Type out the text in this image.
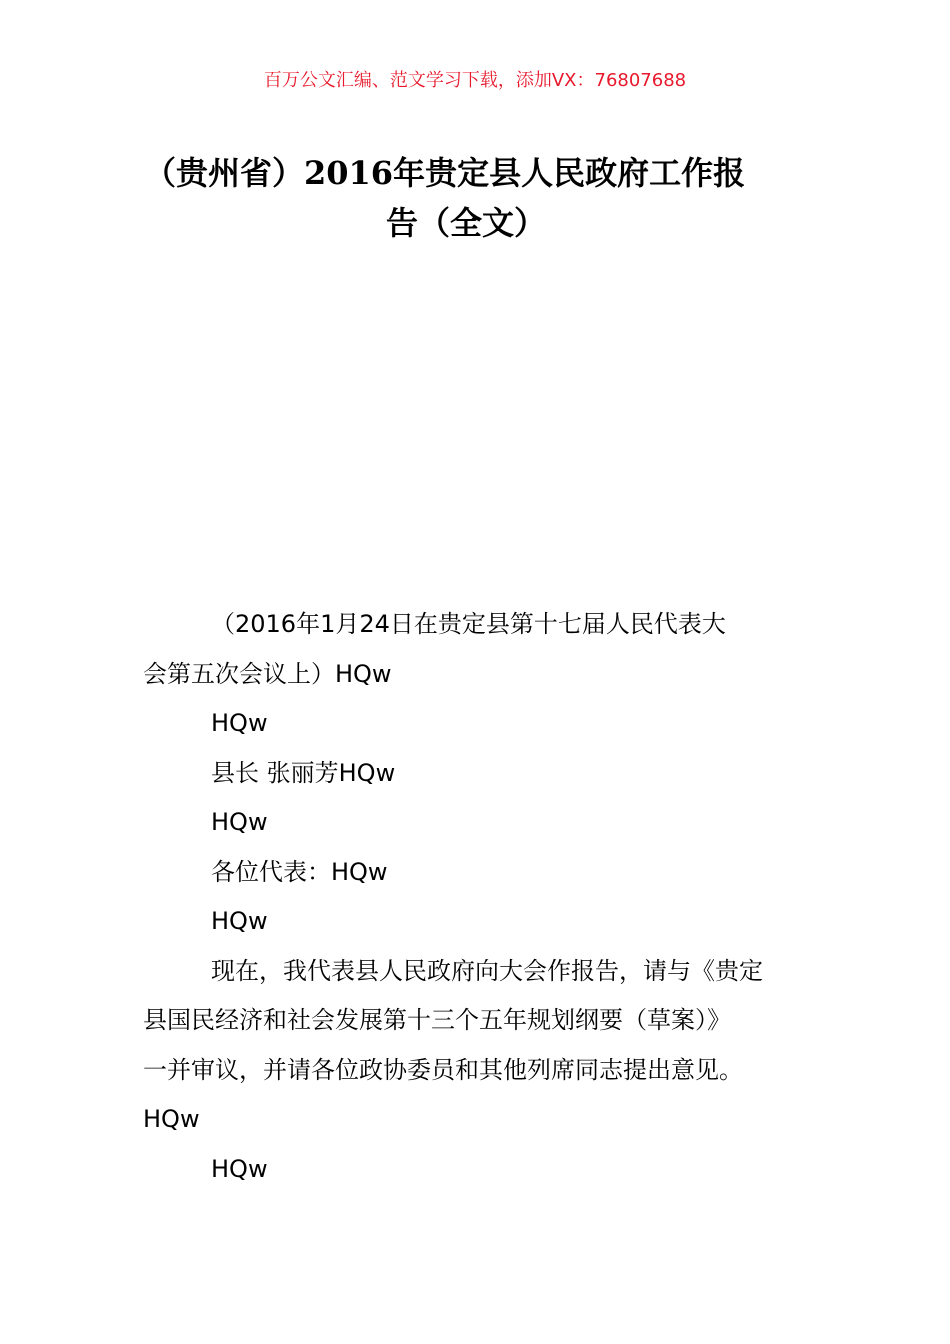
百万公文汇编、范文学习下载，添加VX：76807688
（贵州省）2016年贵定县人民政府工作报
告（全文）
（2016年1月24日在贵定县第十七届人民代表大
会第五次会议上）HQw
HQw
县长 张丽芳HQw
HQw
各位代表：HQw
HQw
现在，我代表县人民政府向大会作报告，请与《贵定
县国民经济和社会发展第十三个五年规划纲要（草案）》
一并审议，并请各位政协委员和其他列席同志提出意见。
HQw
HQw
